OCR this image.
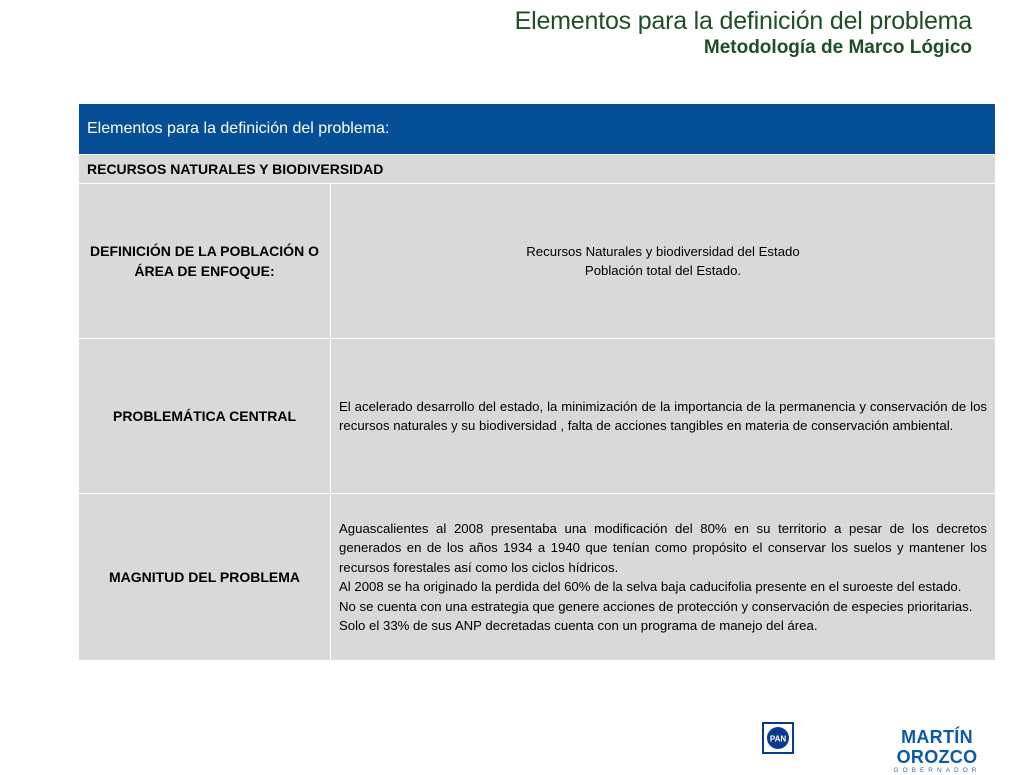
Elementos para la definición del problema
Metodología de Marco Lógico
Elementos para la definición del problema:	
RECURSOS NATURALES Y BIODIVERSIDAD	
DEFINICIÓN DE LA POBLACIÓN O ÁREA DE ENFOQUE:	Recursos Naturales y biodiversidad del Estado

Población total del Estado.

PROBLEMÁTICA CENTRAL	El acelerado desarrollo del estado, la minimización de la importancia de la permanencia y conservación de los recursos naturales y su biodiversidad , falta de acciones tangibles en materia de conservación ambiental.

MAGNITUD DEL PROBLEMA	Aguascalientes al 2008 presentaba una modificación del 80% en su territorio a pesar de los decretos generados en de los años 1934 a 1940 que tenían como propósito el conservar los suelos y mantener los recursos forestales así como los ciclos hídricos.

Al 2008 se ha originado la perdida del 60% de la selva baja caducifolia presente en el suroeste del estado.

No se cuenta con una estrategia que genere acciones de protección y conservación de especies prioritarias.

Solo el 33% de sus ANP decretadas cuenta con un programa de manejo del área.

PAN	MARTÍN OROZCO
GOBERNADOR
